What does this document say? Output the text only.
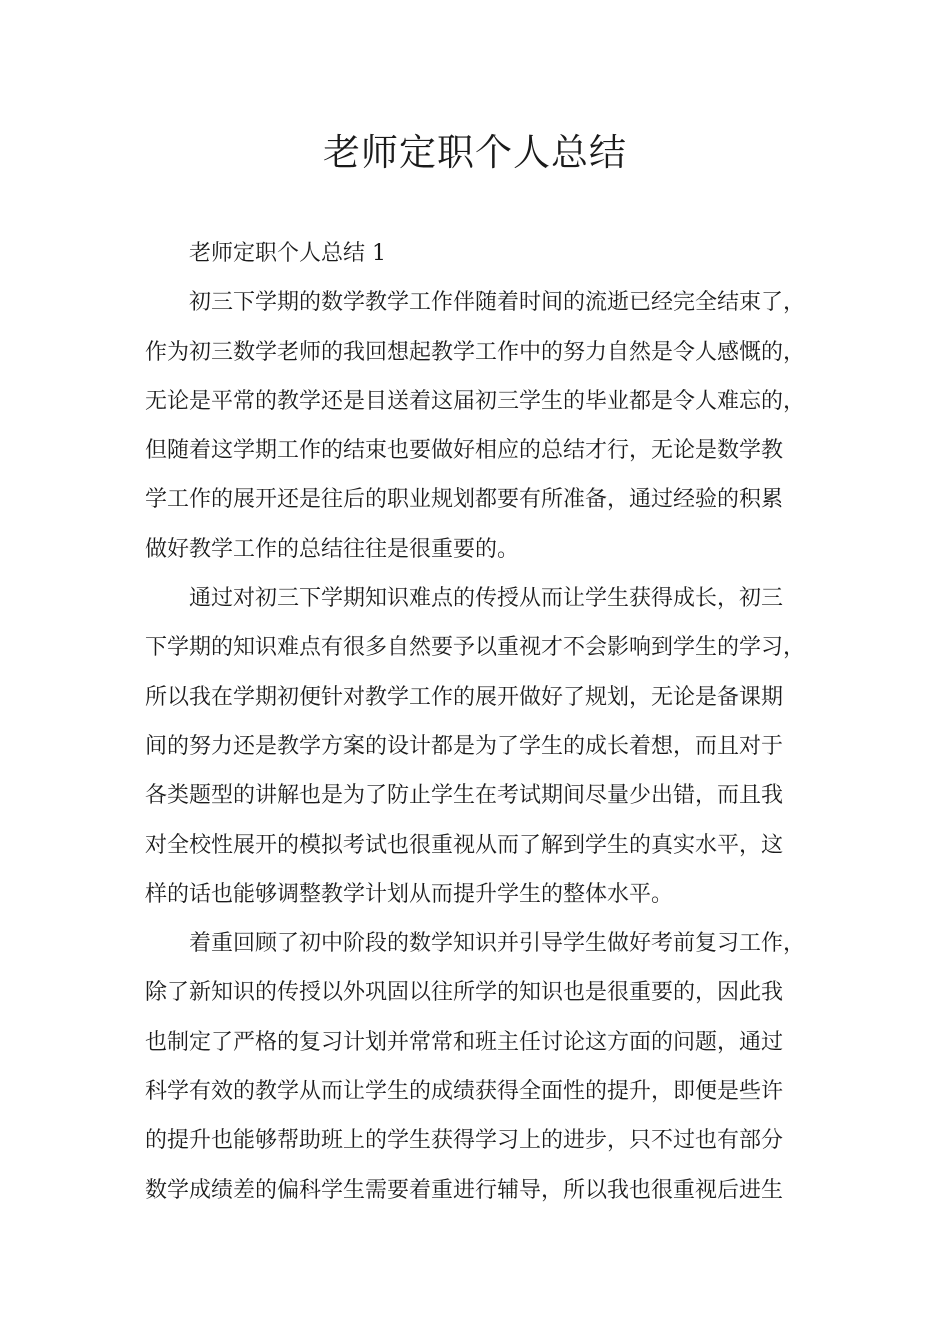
老师定职个人总结

老师定职个人总结 1

初三下学期的数学教学工作伴随着时间的流逝已经完全结束了，
作为初三数学老师的我回想起教学工作中的努力自然是令人感慨的，
无论是平常的教学还是目送着这届初三学生的毕业都是令人难忘的，
但随着这学期工作的结束也要做好相应的总结才行，无论是数学教
学工作的展开还是往后的职业规划都要有所准备，通过经验的积累
做好教学工作的总结往往是很重要的。

通过对初三下学期知识难点的传授从而让学生获得成长，初三
下学期的知识难点有很多自然要予以重视才不会影响到学生的学习，
所以我在学期初便针对教学工作的展开做好了规划，无论是备课期
间的努力还是教学方案的设计都是为了学生的成长着想，而且对于
各类题型的讲解也是为了防止学生在考试期间尽量少出错，而且我
对全校性展开的模拟考试也很重视从而了解到学生的真实水平，这
样的话也能够调整教学计划从而提升学生的整体水平。

着重回顾了初中阶段的数学知识并引导学生做好考前复习工作，
除了新知识的传授以外巩固以往所学的知识也是很重要的，因此我
也制定了严格的复习计划并常常和班主任讨论这方面的问题，通过
科学有效的教学从而让学生的成绩获得全面性的提升，即便是些许
的提升也能够帮助班上的学生获得学习上的进步，只不过也有部分
数学成绩差的偏科学生需要着重进行辅导，所以我也很重视后进生
